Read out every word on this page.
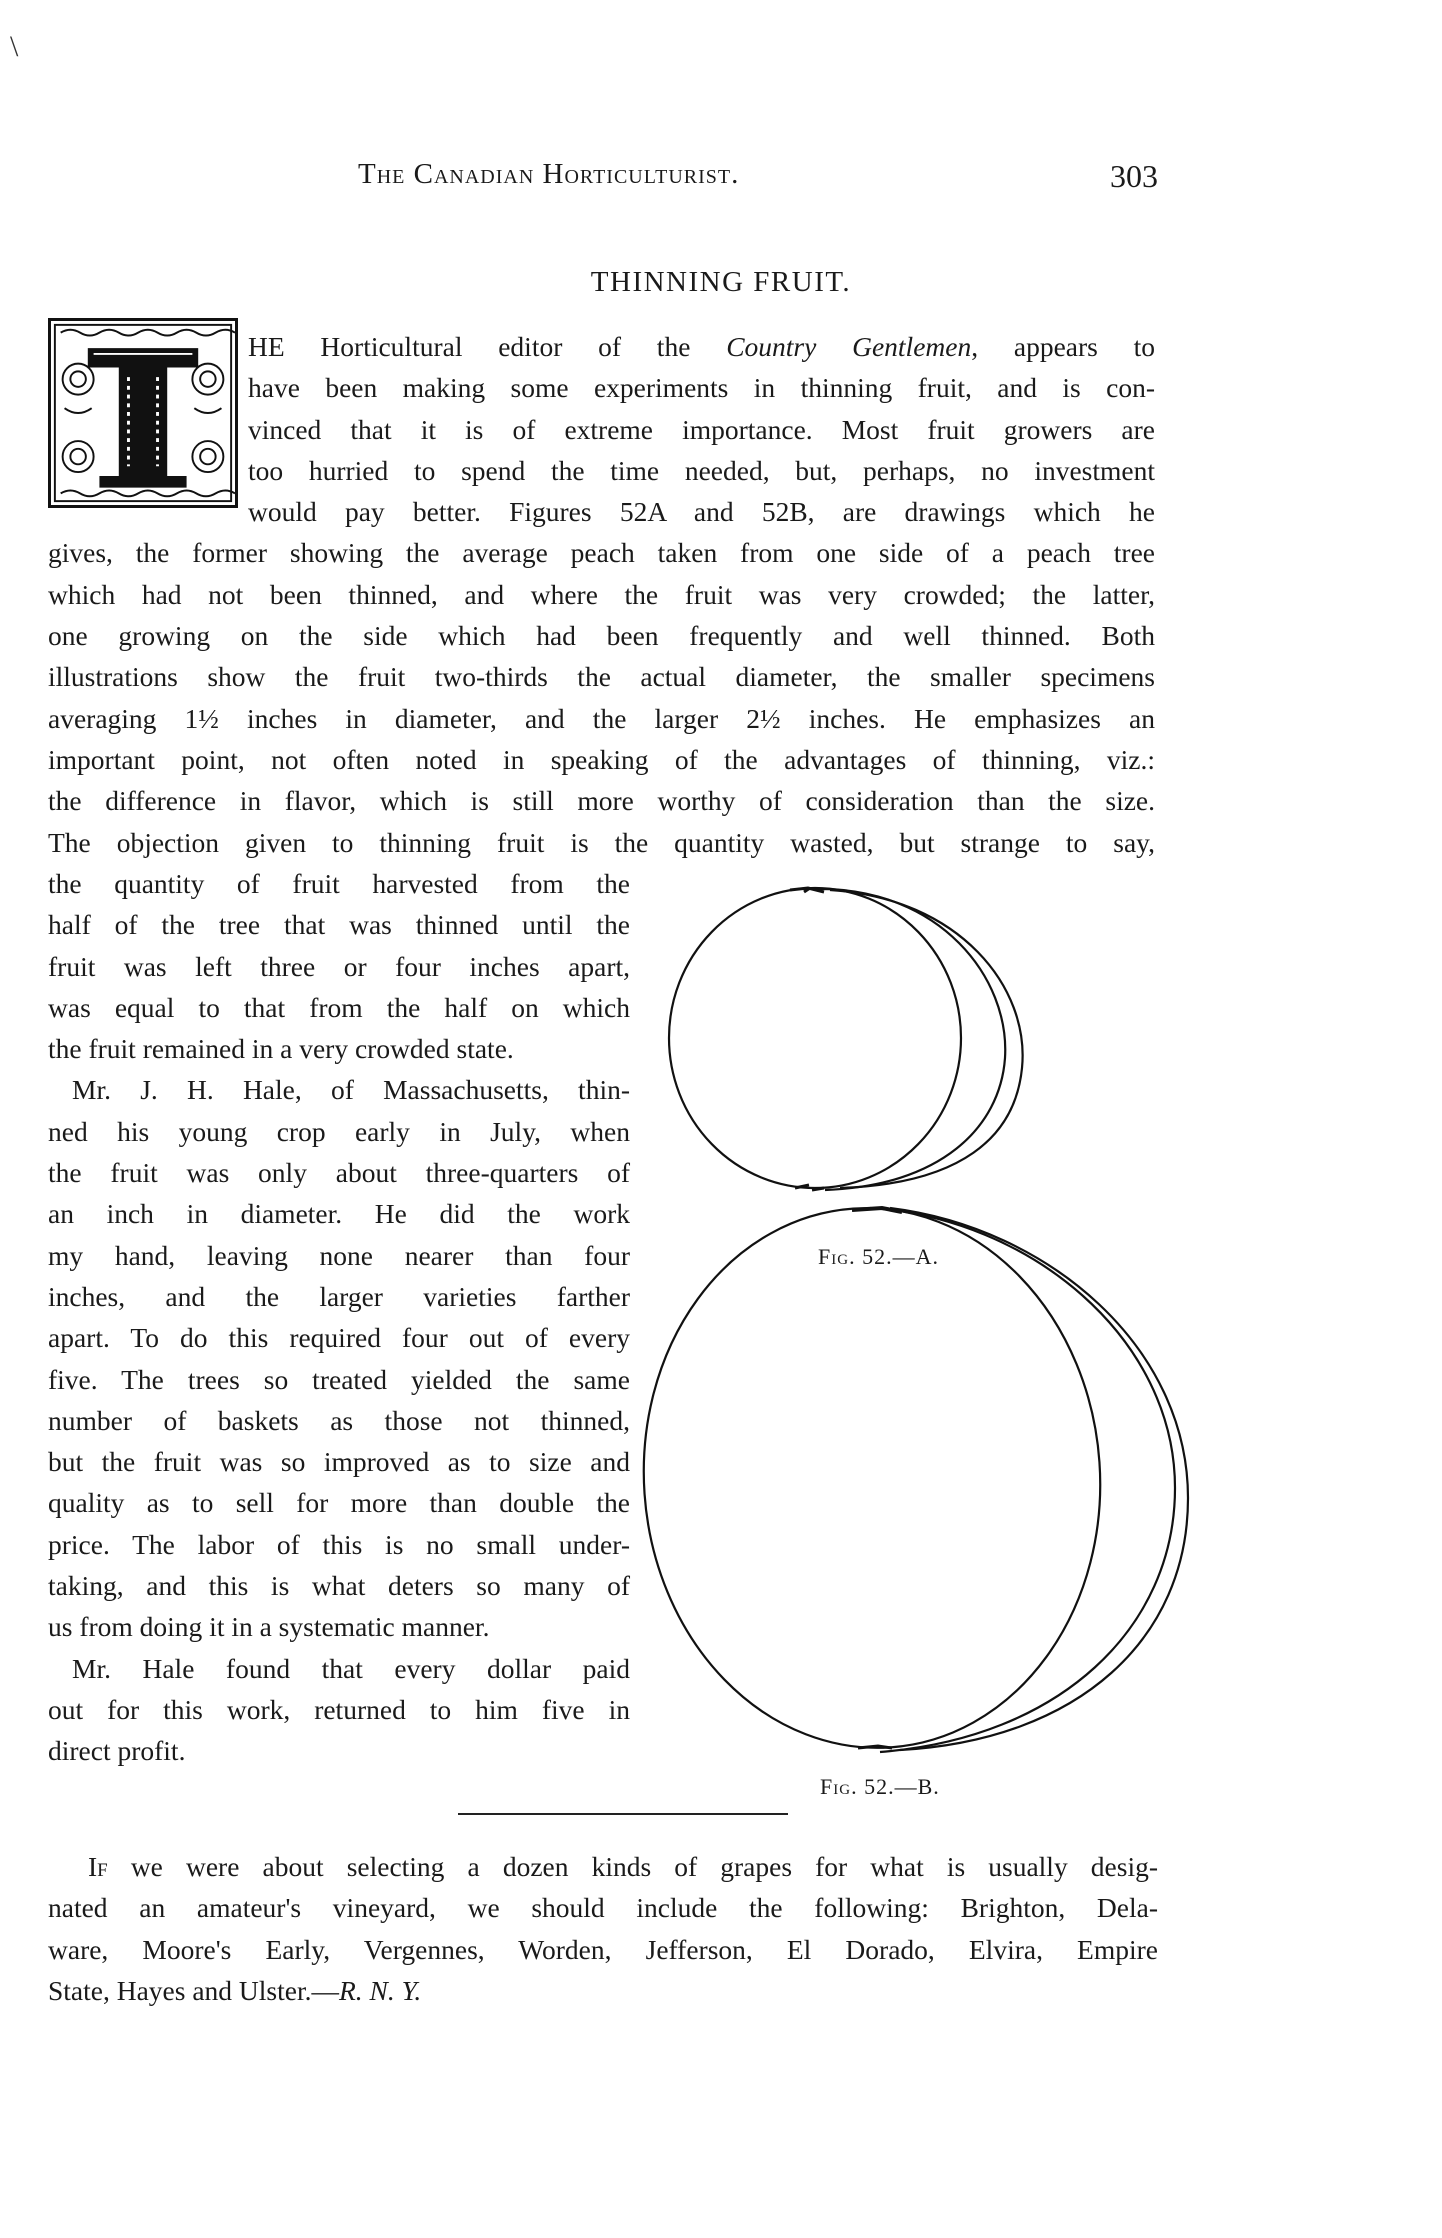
\
The Canadian Horticulturist.	303
THINNING FRUIT.
HE Horticultural editor of the Country Gentlemen, appears to
have been making some experiments in thinning fruit, and is con-
vinced that it is of extreme importance. Most fruit growers are
too hurried to spend the time needed, but, perhaps, no investment
would pay better. Figures 52A and 52B, are drawings which he
gives, the former showing the average peach taken from one side of a peach tree
which had not been thinned, and where the fruit was very crowded; the latter,
one growing on the side which had been frequently and well thinned. Both
illustrations show the fruit two-thirds the actual diameter, the smaller specimens
averaging 1½ inches in diameter, and the larger 2½ inches. He emphasizes an
important point, not often noted in speaking of the advantages of thinning, viz.:
the difference in flavor, which is still more worthy of consideration than the size.
The objection given to thinning fruit is the quantity wasted, but strange to say,
the quantity of fruit harvested from the
half of the tree that was thinned until the
fruit was left three or four inches apart,
was equal to that from the half on which
the fruit remained in a very crowded state.
Mr. J. H. Hale, of Massachusetts, thin-
ned his young crop early in July, when
the fruit was only about three-quarters of
an inch in diameter. He did the work
my hand, leaving none nearer than four
inches, and the larger varieties farther
apart. To do this required four out of every
five. The trees so treated yielded the same
number of baskets as those not thinned,
but the fruit was so improved as to size and
quality as to sell for more than double the
price. The labor of this is no small under-
taking, and this is what deters so many of
us from doing it in a systematic manner.
Mr. Hale found that every dollar paid
out for this work, returned to him five in
direct profit.
Fig. 52.—A.
Fig. 52.—B.
If we were about selecting a dozen kinds of grapes for what is usually desig-
nated an amateur's vineyard, we should include the following: Brighton, Dela-
ware, Moore's Early, Vergennes, Worden, Jefferson, El Dorado, Elvira, Empire
State, Hayes and Ulster.—R. N. Y.
